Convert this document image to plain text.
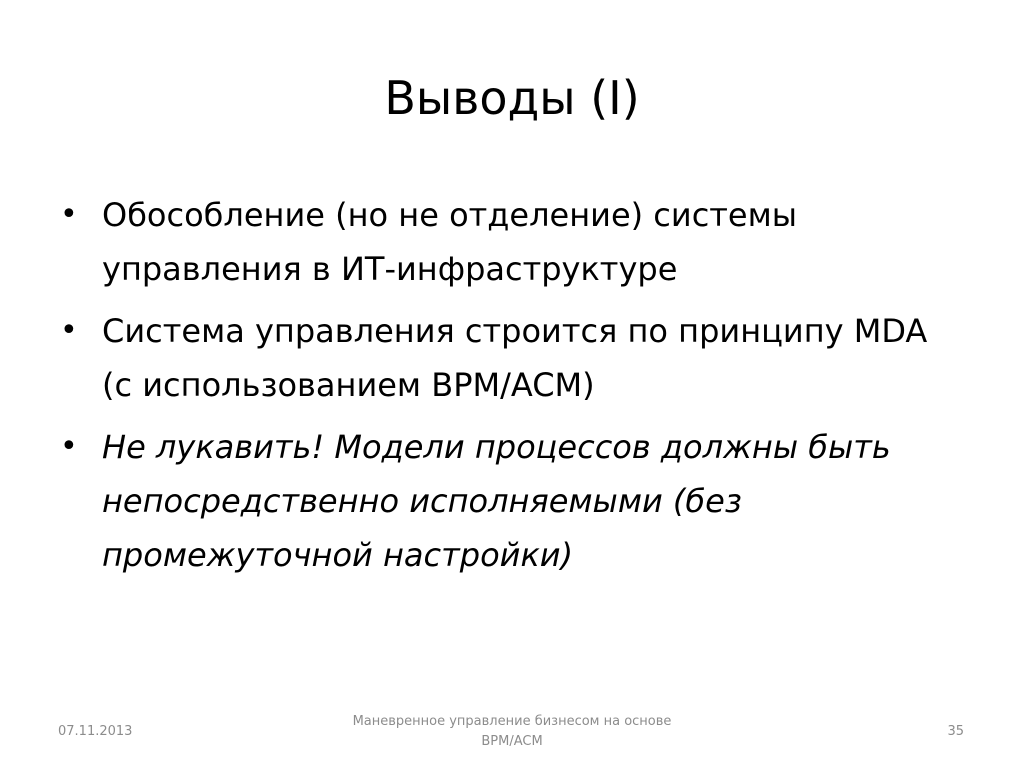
Выводы (I)
• Обособление (но не отделение) системы управления в ИТ-инфраструктуре
• Система управления строится по принципу MDA (с использованием BPM/ACM)
• Не лукавить! Модели процессов должны быть непосредственно исполняемыми (без промежуточной настройки)
07.11.2013
Маневренное управление бизнесом на основе BPM/ACM
35
